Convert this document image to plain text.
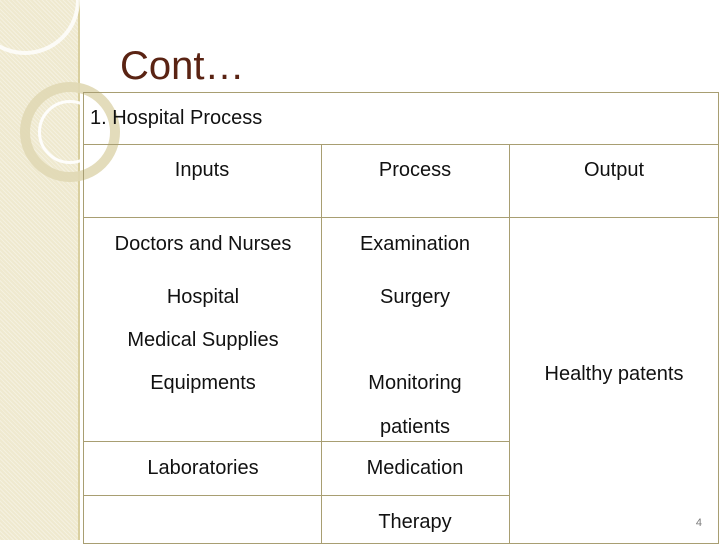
Cont…
1. Hospital Process
Inputs	Process	Output
Doctors and Nurses
Hospital
Medical Supplies
Equipments
Laboratories
Examination
Surgery
Monitoring
patients
Medication
Therapy
Healthy patents
4
